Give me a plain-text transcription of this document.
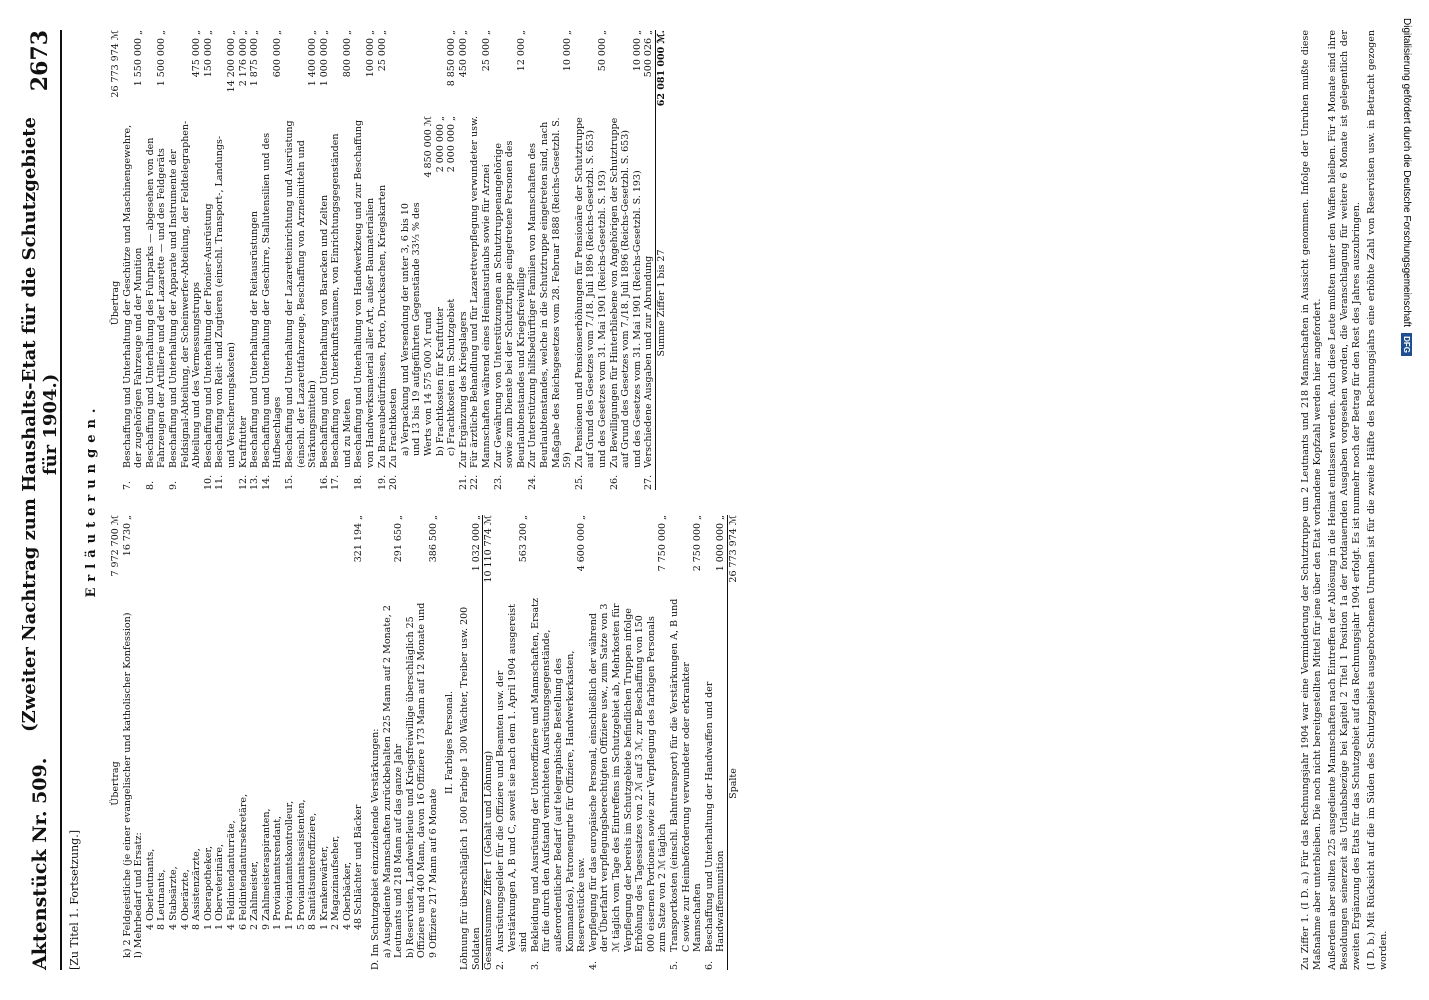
Aktenstück Nr. 509.
(Zweiter Nachtrag zum Haushalts-Etat für die Schutzgebiete für 1904.)
2673
[Zu Titel 1. Fortsetzung.]
Erläuterungen.
Übertrag
7 972 700 ℳ
k) 2 Feldgeistliche (je einer evangelischer und katholischer Konfession)
16 730 „
l) Mehrbedarf und Ersatz: 4 Oberleutnants, 8 Leutnants, 4 Stabsärzte, 4 Oberärzte, 8 Assistenzärzte, 1 Oberapotheker, 1 Oberveterinäre, 4 Feldintendanturräte, 6 Feldintendantursekretäre, 2 Zahlmeister, 9 Zahlmeisteraspiranten, 1 Proviantamtsrendant, 1 Proviantamtskontrolleur, 5 Proviantamtsassistenten, 8 Sanitätsunteroffiziere, 1 Krankenwärter, 2 Magazinaufseher, 4 Oberbäcker, 48 Schlächter und Bäcker
321 194 „
D. Im Schutzgebiet einzuziehende Verstärkungen: a) Ausgediente Mannschaften zurückbehalten 225 Mann auf 2 Monate, 2 Leutnants und 218 Mann auf das ganze Jahr
291 650 „
b) Reservisten, Landwehrleute und Kriegsfreiwillige überschläglich 25 Offiziere und 400 Mann, davon 16 Offiziere 173 Mann auf 12 Monate und 9 Offiziere 217 Mann auf 6 Monate
386 500 „
II. Farbiges Personal. Löhnung für überschläglich 1 500 Farbige 1 300 Wächter, Treiber usw. 200 Soldaten
1 032 000 „
Gesamtsumme Ziffer 1 (Gehalt und Löhnung)
10 110 774 ℳ
2.
Ausrüstungsgelder für die Offiziere und Beamten usw. der Verstärkungen A, B und C, soweit sie nach dem 1. April 1904 ausgereist sind
563 200 „
3.
Bekleidung und Ausrüstung der Unteroffiziere und Mannschaften, Ersatz für die durch den Aufstand vernichteten Ausrüstungsgegenstände, außerordentlicher Bedarf (auf telegraphische Bestellung des Kommandos), Patronengurte für Offiziere, Handwerkerkasten, Reservestücke usw.
4 600 000 „
4.
Verpflegung für das europäische Personal, einschließlich der während der Überfahrt verpflegungsberechtigten Offiziere usw., zum Satze von 3 ℳ täglich vom Tage des Eintreffens im Schutzgebiet ab, Mehrkosten für Verpflegung der bereits im Schutzgebiete befindlichen Truppen infolge Erhöhung des Tagessatzes von 2 ℳ auf 3 ℳ, zur Beschaffung von 150 000 eisernen Portionen sowie zur Verpflegung des farbigen Personals zum Satze von 2 ℳ täglich
7 750 000 „
5.
Transportkosten (einschl. Bahntransport) für die Verstärkungen A, B und C sowie zur Heimbeförderung verwundeter oder erkrankter Mannschaften
2 750 000 „
6.
Beschaffung und Unterhaltung der Handwaffen und der Handwaffenmunition
1 000 000 „
Spalte
26 773 974 ℳ
Übertrag
26 773 974 ℳ
7.
Beschaffung und Unterhaltung der Geschütze und Maschinengewehre, der zugehörigen Fahrzeuge und der Munition
1 550 000 „
8.
Beschaffung und Unterhaltung des Fuhrparks — abgesehen von den Fahrzeugen der Artillerie und der Lazarette — und des Feldgeräts
1 500 000 „
9.
Beschaffung und Unterhaltung der Apparate und Instrumente der Feldsignal-Abteilung, der Scheinwerfer-Abteilung, der Feldtelegraphen-Abteilung und des Vermessungstrupps
475 000 „
10.
Beschaffung und Unterhaltung der Pionier-Ausrüstung
150 000 „
11.
Beschaffung von Reit- und Zugtieren (einschl. Transport-, Landungs- und Versicherungskosten)
14 200 000 „
12.
Kraftfutter
2 176 000 „
13.
Beschaffung und Unterhaltung der Reitausrüstungen
1 875 000 „
14.
Beschaffung und Unterhaltung der Geschirre, Stallutensilien und des Hufbeschlages
600 000 „
15.
Beschaffung und Unterhaltung der Lazaretteinrichtung und Ausrüstung (einschl. der Lazarettfahrzeuge, Beschaffung von Arzneimitteln und Stärkungsmitteln)
1 400 000 „
16.
Beschaffung und Unterhaltung von Baracken und Zelten
1 000 000 „
17.
Beschaffung von Unterkunftsräumen, von Einrichtungsgegenständen und zu Mieten
800 000 „
18.
Beschaffung und Unterhaltung von Handwerkzeug und zur Beschaffung von Handwerksmaterial aller Art, außer Baumaterialien
100 000 „
19.
Zu Bureaubedürfnissen, Porto, Drucksachen, Kriegskarten
25 000 „
20.
Zu Frachtkosten a) Verpackung und Versendung der unter 3, 6 bis 10 und 13 bis 19 aufgeführten Gegenstände 33⅓ % des Werts von 14 575 000 ℳ rund
4 850 000 ℳ
b) Frachtkosten für Kraftfutter
2 000 000 „
c) Frachtkosten im Schutzgebiet
2 000 000 „
8 850 000 „
21.
Zur Ergänzung des Kriegslagers
450 000 „
22.
Für ärztliche Behandlung und für Lazarettverpflegung verwundeter usw. Mannschaften während eines Heimatsurlaubs sowie für Arznei
25 000 „
23.
Zur Gewährung von Unterstützungen an Schutztruppenangehörige sowie zum Dienste bei der Schutztruppe eingetretene Personen des Beurlaubtenstandes und Kriegsfreiwillige
12 000 „
24.
Zur Unterstützung hilfsbedürftiger Familien von Mannschaften des Beurlaubtenstandes, welche in die Schutztruppe eingetreten sind, nach Maßgabe des Reichsgesetzes vom 28. Februar 1888 (Reichs-Gesetzbl. S. 59)
10 000 „
25.
Zu Pensionen und Pensionserhöhungen für Pensionäre der Schutztruppe auf Grund des Gesetzes vom 7./18. Juli 1896 (Reichs-Gesetzbl. S. 653) und des Gesetzes vom 31. Mai 1901 (Reichs-Gesetzbl. S. 193)
50 000 „
26.
Zu Bewilligungen für Hinterbliebene von Angehörigen der Schutztruppe auf Grund des Gesetzes vom 7./18. Juli 1896 (Reichs-Gesetzbl. S. 653) und des Gesetzes vom 31. Mai 1901 (Reichs-Gesetzbl. S. 193)
10 000 „
27.
Verschiedene Ausgaben und zur Abrundung
500 026 „
Summe Ziffer 1 bis 27
62 081 000 ℳ.	Zu Ziffer 1. (I D. a.) Für das Rechnungsjahr 1904 war eine Verminderung der Schutztruppe um 2 Leutnants und 218 Mannschaften in Aussicht genommen. Infolge der Unruhen mußte diese Maßnahme aber unterbleiben. Die noch nicht bereitgestellten Mittel für jene über den Etat vorhandene Kopfzahl werden hier angefordert. Außerdem aber sollten 225 ausgediente Mannschaften nach Eintreffen der Ablösung in die Heimat entlassen werden. Auch diese Leute mußten unter den Waffen bleiben. Für 4 Monate sind ihre Besoldungen seinerzeit als Urlaubsbezüge bei Kapitel 2 Titel 1 Position 1a der fortdauernden Ausgaben vorgesehen worden, die Veranschlagung für weitere 6 Monate ist gelegentlich der zweiten Ergänzung des Etats für das Schutzgebiet auf das Rechnungsjahr 1904 erfolgt. Es ist nunmehr noch der Betrag für den Rest des Jahres auszubringen. (I D. b.) Mit Rücksicht auf die im Süden des Schutzgebiets ausgebrochenen Unruhen ist für die zweite Hälfte des Rechnungsjahrs eine erhöhte Zahl von Reservisten usw. in Betracht gezogen worden.

Digitalisierung gefördert durch die Deutsche Forschungsgemeinschaft
DFG
